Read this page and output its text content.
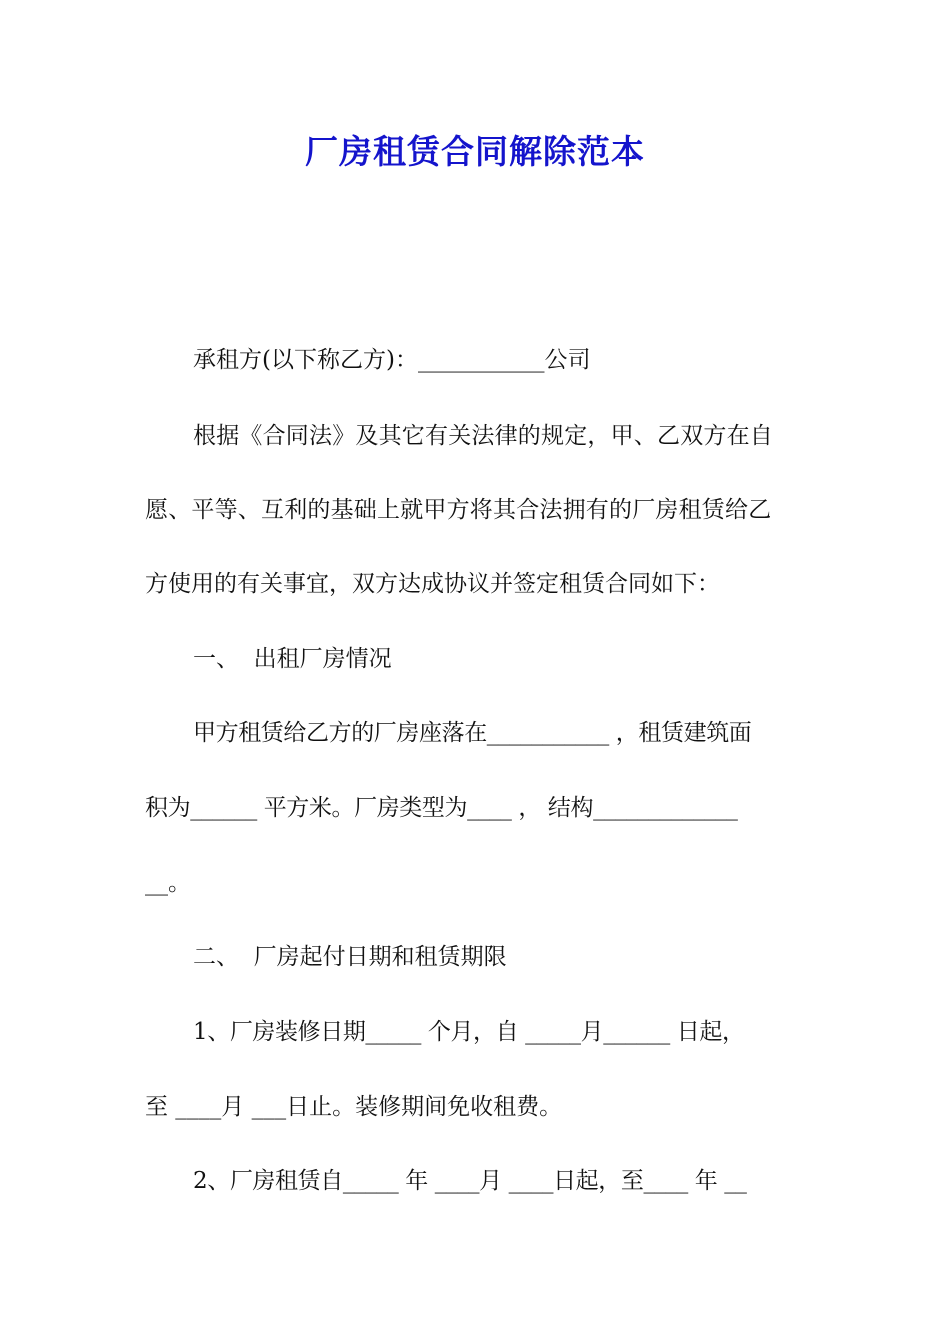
厂房租赁合同解除范本
承租方(以下称乙方)：___________公司
根据《合同法》及其它有关法律的规定，甲、乙双方在自
愿、平等、互利的基础上就甲方将其合法拥有的厂房租赁给乙
方使用的有关事宜，双方达成协议并签定租赁合同如下：
一、  出租厂房情况
甲方租赁给乙方的厂房座落在___________ ，租赁建筑面
积为______ 平方米。厂房类型为____ ， 结构_____________
__。
二、  厂房起付日期和租赁期限
1、厂房装修日期_____ 个月，自 _____月______ 日起，
至 ____月 ___日止。装修期间免收租费。
2、厂房租赁自_____ 年 ____月 ____日起，至____ 年 __
